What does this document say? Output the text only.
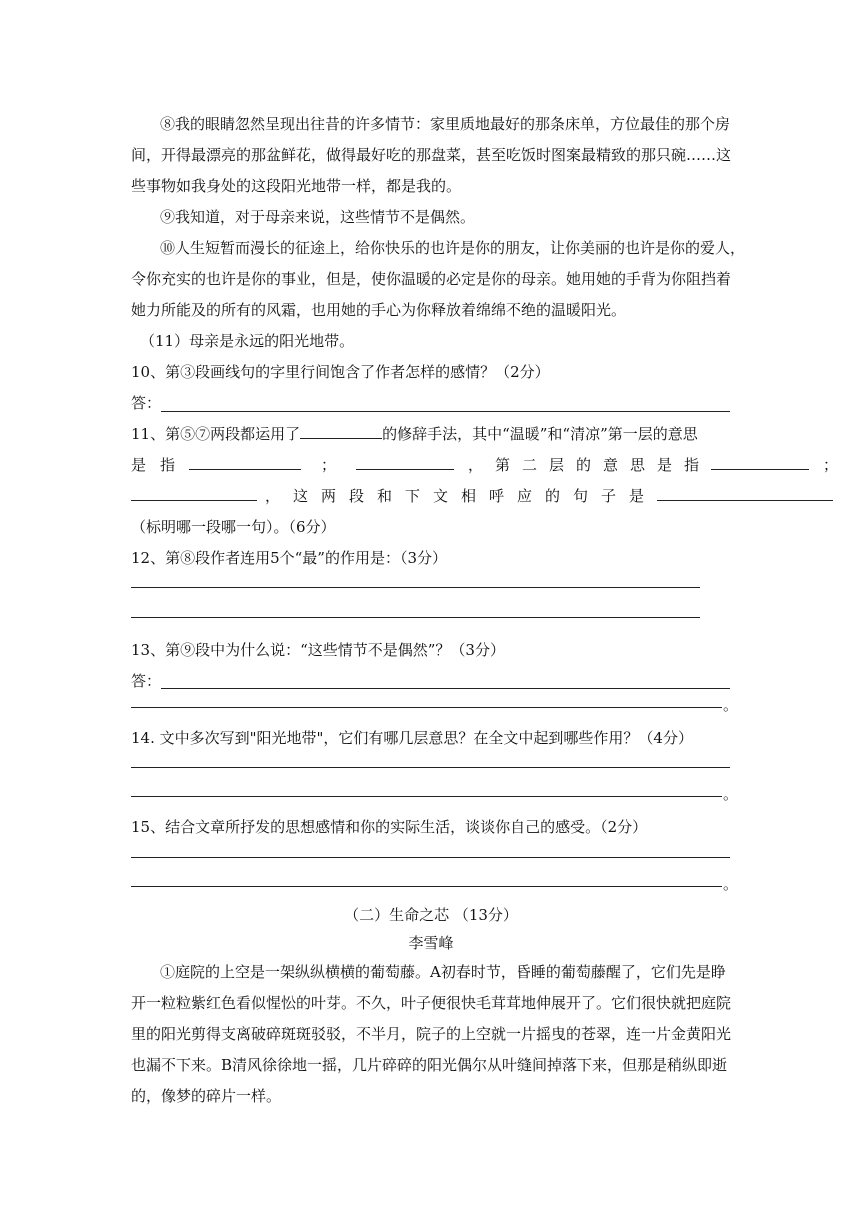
⑧我的眼睛忽然呈现出往昔的许多情节：家里质地最好的那条床单，方位最佳的那个房
间，开得最漂亮的那盆鲜花，做得最好吃的那盘菜，甚至吃饭时图案最精致的那只碗……这
些事物如我身处的这段阳光地带一样，都是我的。
⑨我知道，对于母亲来说，这些情节不是偶然。
⑩人生短暂而漫长的征途上，给你快乐的也许是你的朋友，让你美丽的也许是你的爱人，
令你充实的也许是你的事业，但是，使你温暖的必定是你的母亲。她用她的手背为你阻挡着
她力所能及的所有的风霜，也用她的手心为你释放着绵绵不绝的温暖阳光。
（11）母亲是永远的阳光地带。
10、第③段画线句的字里行间饱含了作者怎样的感情？（2分）
答：
11、第⑤⑦两段都运用了	的修辞手法，其中“温暖”和“清凉”第一层的意思
是指	；	，第二层的意思是指	；
，这两段和下文相呼应的句子是
（标明哪一段哪一句）。（6分）
12、第⑧段作者连用5个“最”的作用是：（3分）
13、第⑨段中为什么说：“这些情节不是偶然”？（3分）
答：
。
14. 文中多次写到"阳光地带"，它们有哪几层意思？在全文中起到哪些作用？（4分）
。
15、结合文章所抒发的思想感情和你的实际生活，谈谈你自己的感受。（2分）
。
（二）生命之芯 （13分）
李雪峰
①庭院的上空是一架纵纵横横的葡萄藤。A初春时节，昏睡的葡萄藤醒了，它们先是睁
开一粒粒紫红色看似惺忪的叶芽。不久，叶子便很快毛茸茸地伸展开了。它们很快就把庭院
里的阳光剪得支离破碎斑斑驳驳，不半月，院子的上空就一片摇曳的苍翠，连一片金黄阳光
也漏不下来。B清风徐徐地一摇，几片碎碎的阳光偶尔从叶缝间掉落下来，但那是稍纵即逝
的，像梦的碎片一样。
